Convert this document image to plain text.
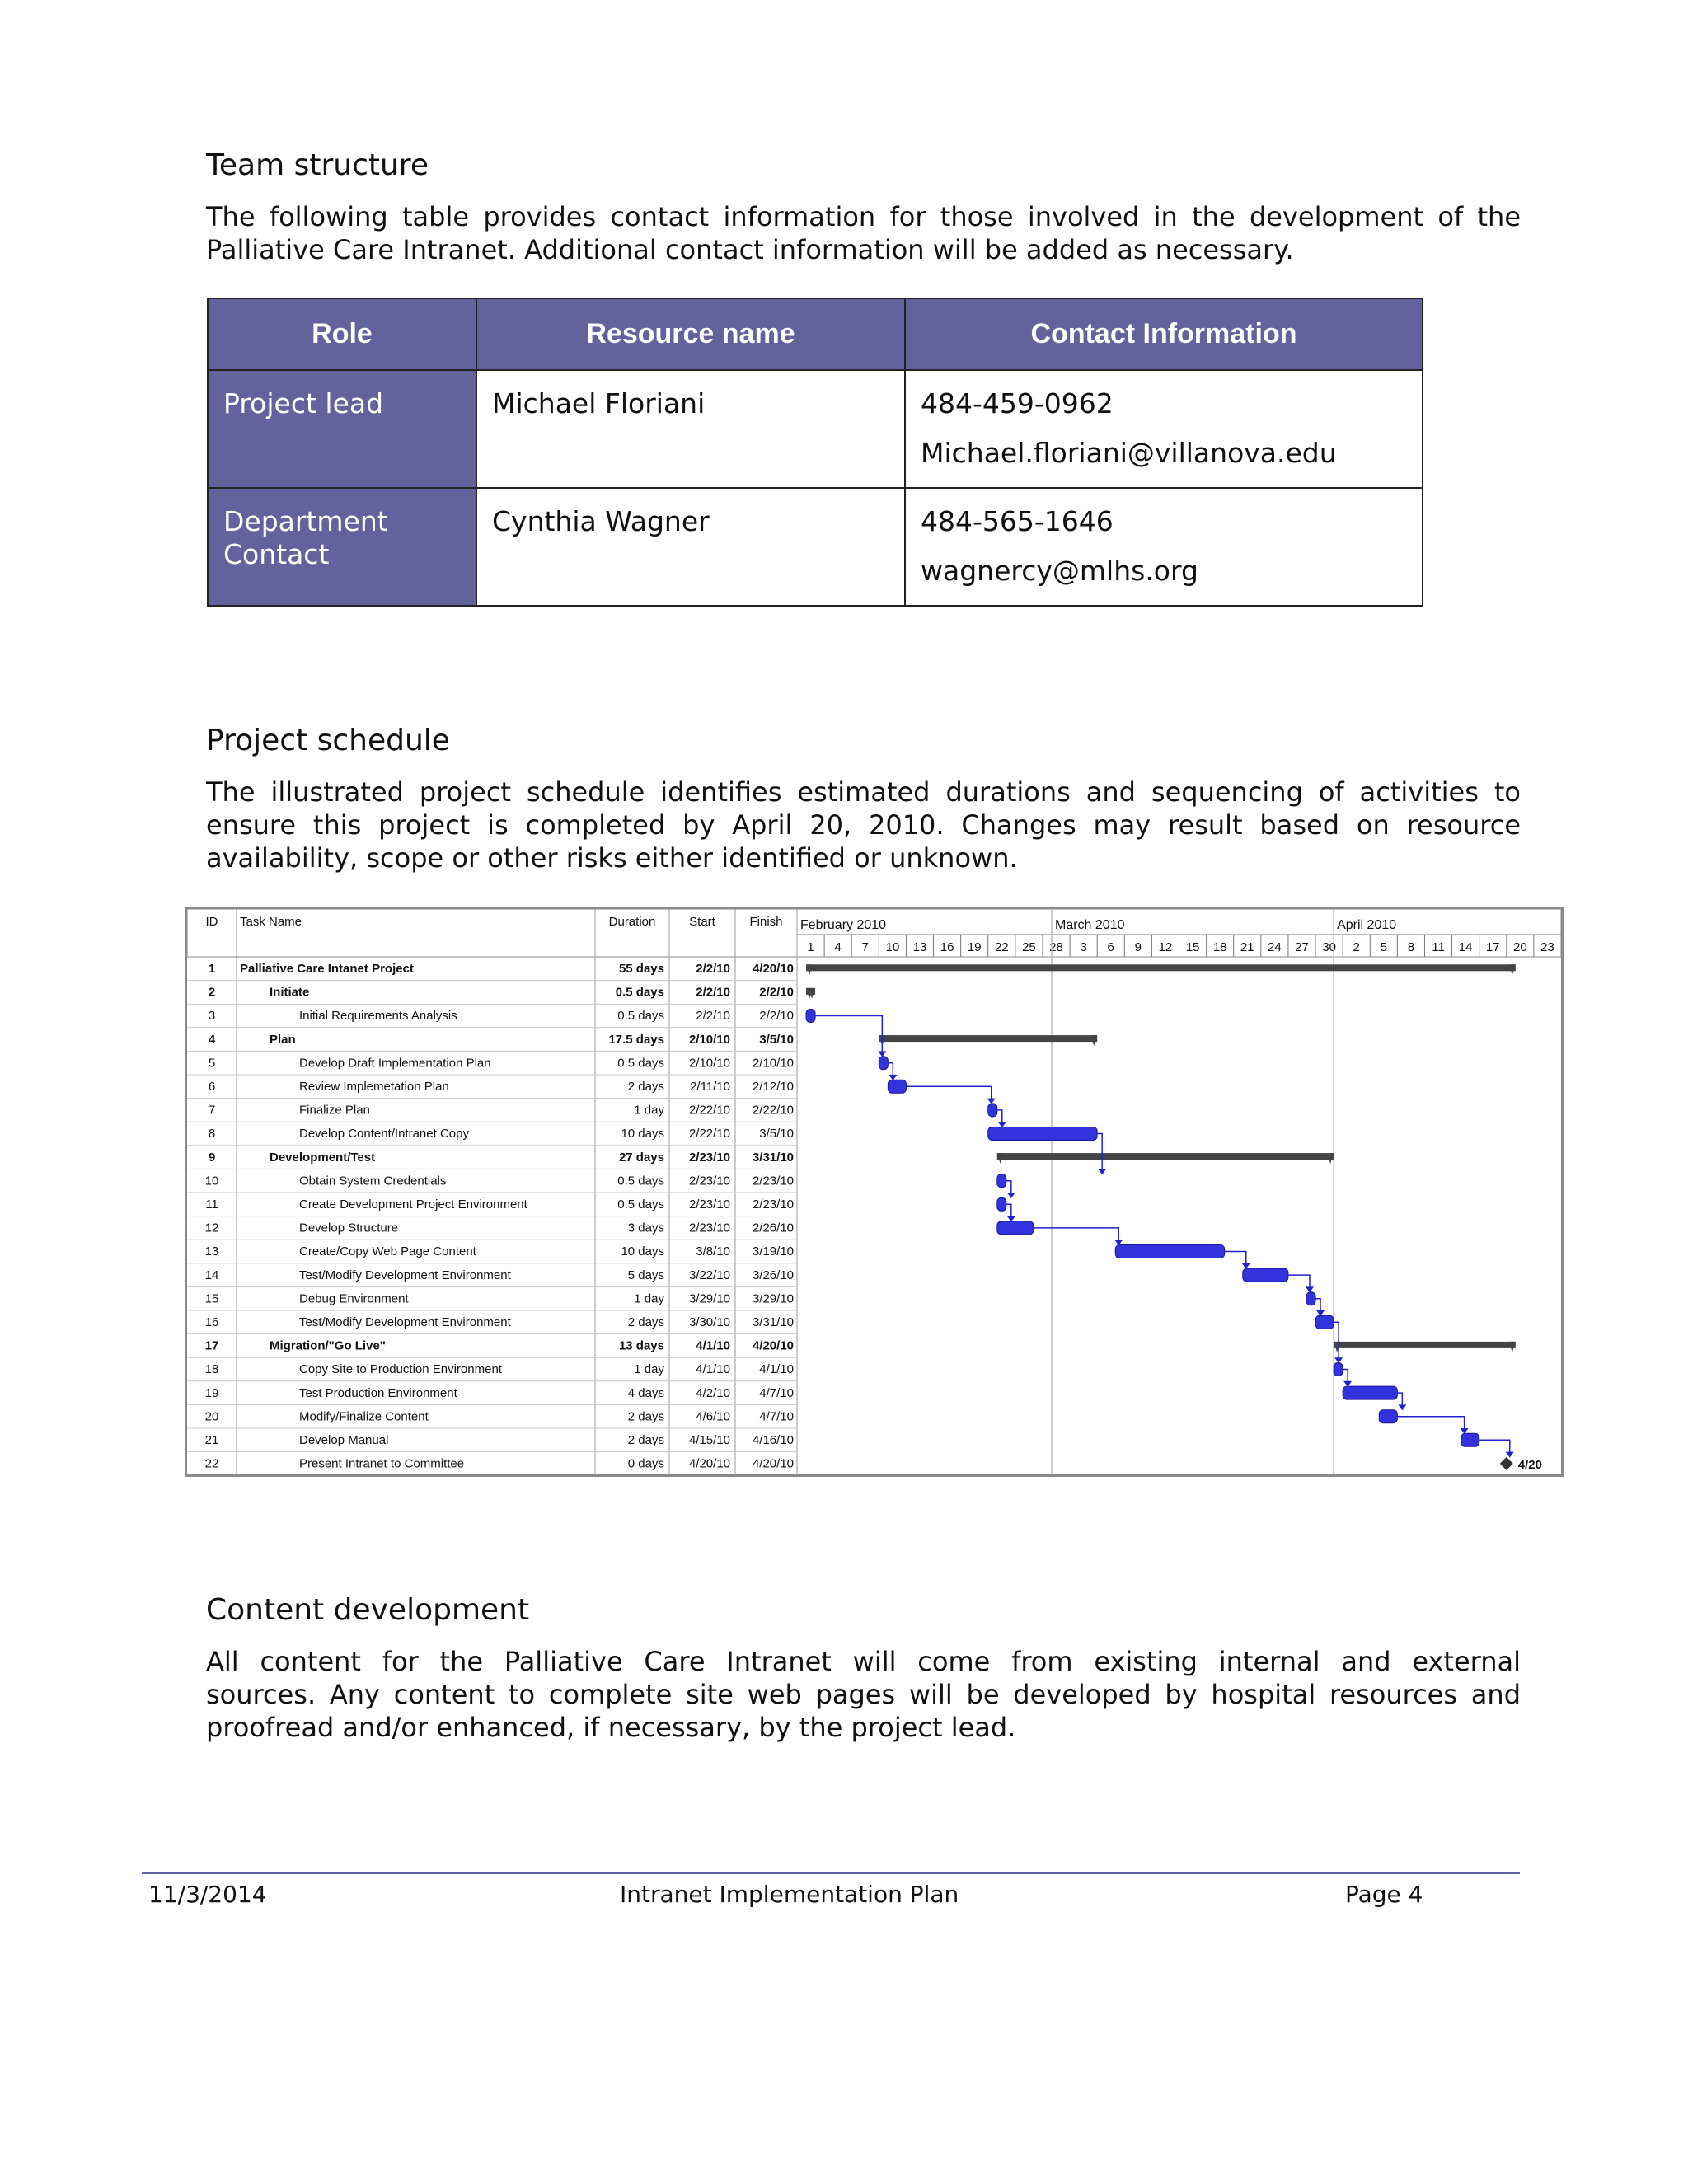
Team structure

The following table provides contact information for those involved in the development of the
Palliative Care Intranet. Additional contact information will be added as necessary.

Role	Resource name	Contact Information
Project lead	Michael Floriani	484-459-0962
Michael.floriani@villanova.edu

Department Contact	Cynthia Wagner	484-565-1646
wagnercy@mlhs.org
Project schedule

The illustrated project schedule identifies estimated durations and sequencing of activities to
ensure this project is completed by April 20, 2010. Changes may result based on resource
availability, scope or other risks either identified or unknown.

ID Task Name	Duration	Start	Finish February 2010	March 2010	April 2010
1 4 7 10 13 16 19 22 25 28 3 6 9 12 15 18 21 24 27 30 2 5 8 11 14 17 20 23
1 Palliative Care Intanet Project	55 days	2/2/10 4/20/10
2	Initiate	0.5 days	2/2/10 2/2/10
3	Initial Requirements Analysis	0.5 days	2/2/10 2/2/10
4	Plan	17.5 days 2/10/10 3/5/10
5	Develop Draft Implementation Plan	0.5 days 2/10/10 2/10/10
6	Review Implemetation Plan	2 days 2/11/10 2/12/10
7	Finalize Plan	1 day 2/22/10 2/22/10
8	Develop Content/Intranet Copy	10 days 2/22/10 3/5/10
9	Development/Test	27 days 2/23/10 3/31/10
10	Obtain System Credentials	0.5 days 2/23/10 2/23/10
11	Create Development Project Environment	0.5 days 2/23/10 2/23/10
12	Develop Structure	3 days 2/23/10 2/26/10
13	Create/Copy Web Page Content	10 days	3/8/10 3/19/10
14	Test/Modify Development Environment	5 days 3/22/10 3/26/10
15	Debug Environment	1 day 3/29/10 3/29/10
16	Test/Modify Development Environment	2 days 3/30/10 3/31/10
17	Migration/"Go Live"	13 days	4/1/10 4/20/10
18	Copy Site to Production Environment	1 day	4/1/10 4/1/10
19	Test Production Environment	4 days	4/2/10 4/7/10
20	Modify/Finalize Content	2 days	4/6/10 4/7/10
21	Develop Manual	2 days 4/15/10 4/16/10
22	Present Intranet to Committee	0 days 4/20/10 4/20/10	4/20
Content development

All content for the Palliative Care Intranet will come from existing internal and external
sources. Any content to complete site web pages will be developed by hospital resources and
proofread and/or enhanced, if necessary, by the project lead.

11/3/2014	Intranet Implementation Plan	Page 4
